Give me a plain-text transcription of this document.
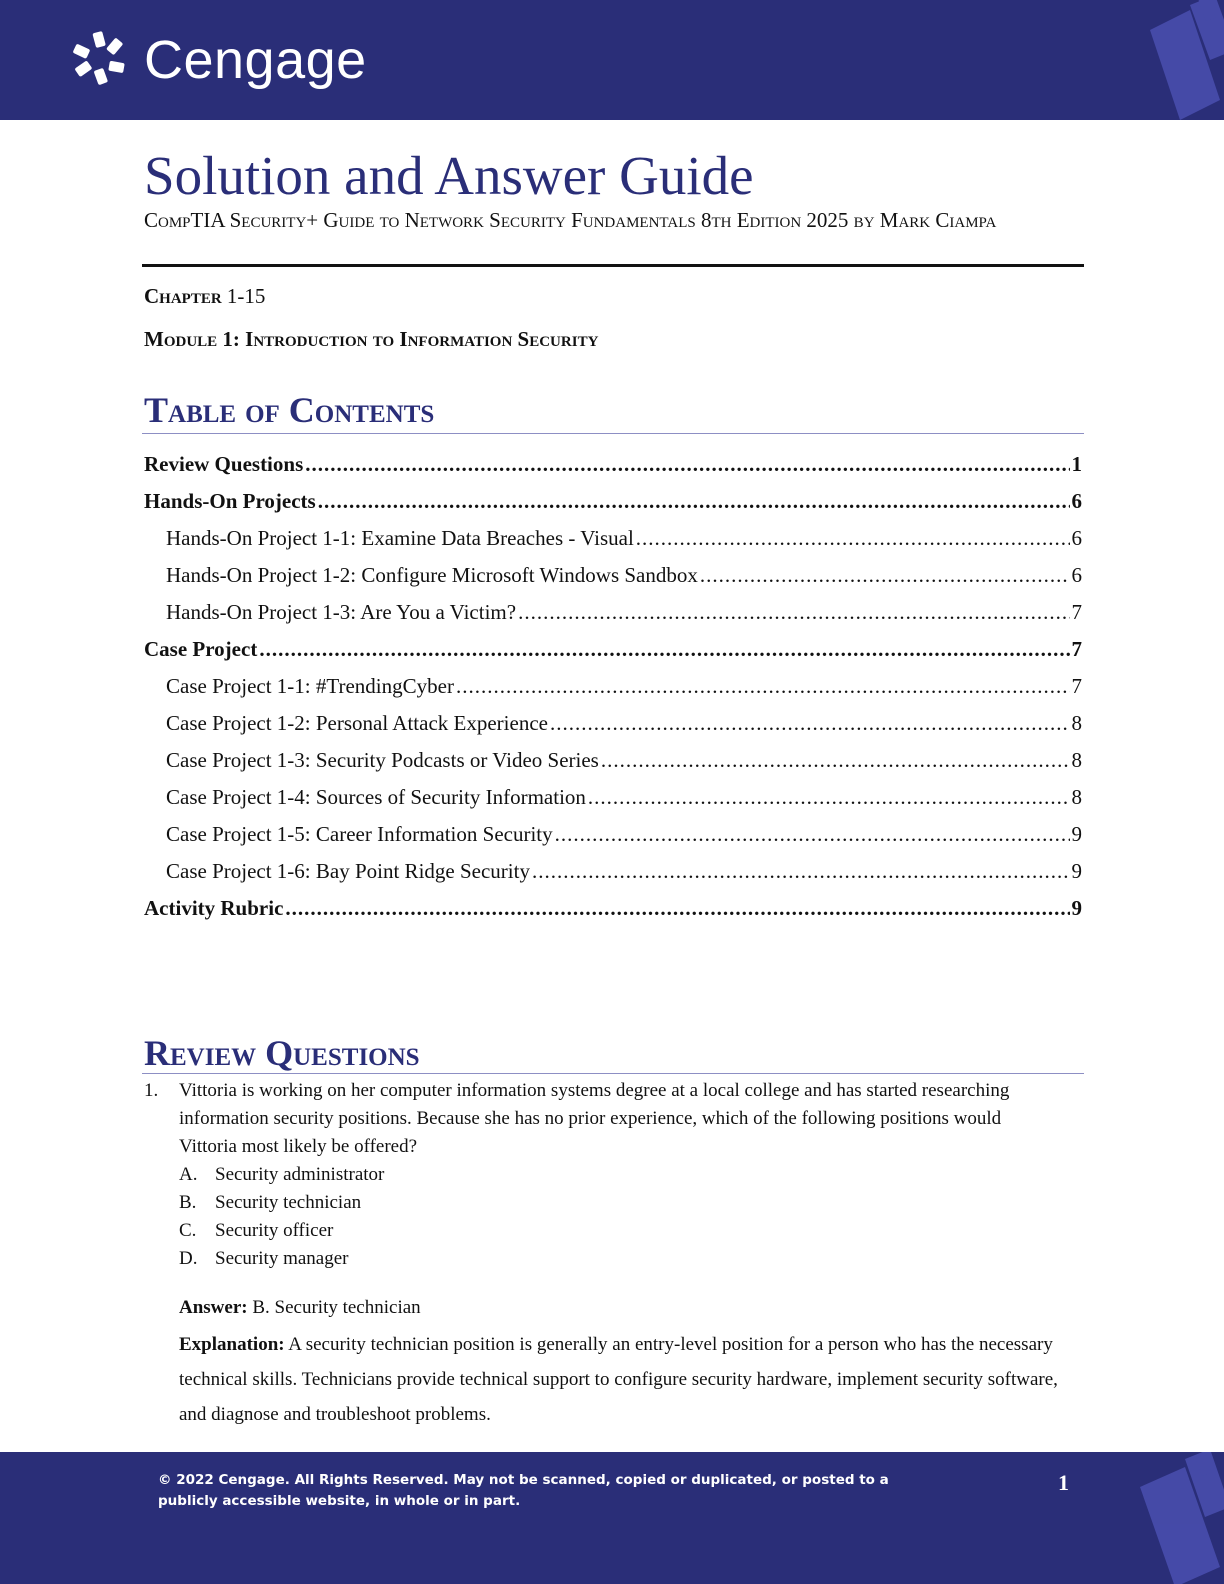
Cengage
Solution and Answer Guide
CompTIA Security+ Guide to Network Security Fundamentals 8th Edition 2025 by Mark Ciampa
Chapter 1-15
Module 1: Introduction to Information Security
Table of Contents
Review Questions .....	1
Hands-On Projects .....	6
Hands-On Project 1-1: Examine Data Breaches - Visual .....	6
Hands-On Project 1-2: Configure Microsoft Windows Sandbox .....	6
Hands-On Project 1-3: Are You a Victim? .....	7
Case Project .....	7
Case Project 1-1: #TrendingCyber .....	7
Case Project 1-2: Personal Attack Experience .....	8
Case Project 1-3: Security Podcasts or Video Series .....	8
Case Project 1-4: Sources of Security Information .....	8
Case Project 1-5: Career Information Security .....	9
Case Project 1-6: Bay Point Ridge Security .....	9
Activity Rubric .....	9
Review Questions
1. Vittoria is working on her computer information systems degree at a local college and has started researching information security positions. Because she has no prior experience, which of the following positions would Vittoria most likely be offered?
A. Security administrator
B. Security technician
C. Security officer
D. Security manager
Answer: B. Security technician
Explanation: A security technician position is generally an entry-level position for a person who has the necessary technical skills. Technicians provide technical support to configure security hardware, implement security software, and diagnose and troubleshoot problems.
© 2022 Cengage. All Rights Reserved. May not be scanned, copied or duplicated, or posted to a publicly accessible website, in whole or in part.
1
